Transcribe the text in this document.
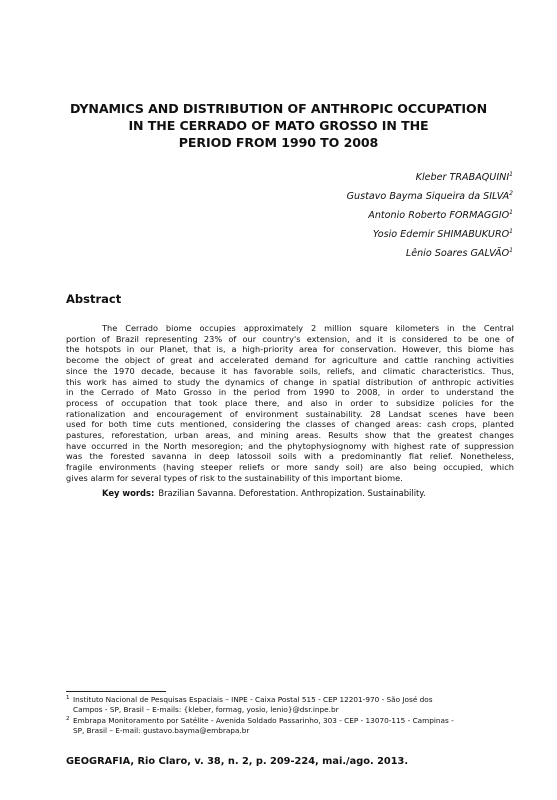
DYNAMICS AND DISTRIBUTION OF ANTHROPIC OCCUPATION
IN THE CERRADO OF MATO GROSSO IN THE
PERIOD FROM 1990 TO 2008
Kleber TRABAQUINI$^1$
Gustavo Bayma Siqueira da SILVA$^2$
Antonio Roberto FORMAGGIO$^1$
Yosio Edemir SHIMABUKURO$^1$
Lênio Soares GALVÃO$^1$
Abstract
The Cerrado biome occupies approximately 2 million square kilometers in the Central
portion of Brazil representing 23% of our country's extension, and it is considered to be one of
the hotspots in our Planet, that is, a high-priority area for conservation. However, this biome has
become the object of great and accelerated demand for agriculture and cattle ranching activities
since the 1970 decade, because it has favorable soils, reliefs, and climatic characteristics. Thus,
this work has aimed to study the dynamics of change in spatial distribution of anthropic activities
in the Cerrado of Mato Grosso in the period from 1990 to 2008, in order to understand the
process of occupation that took place there, and also in order to subsidize policies for the
rationalization and encouragement of environment sustainability. 28 Landsat scenes have been
used for both time cuts mentioned, considering the classes of changed areas: cash crops, planted
pastures, reforestation, urban areas, and mining areas. Results show that the greatest changes
have occurred in the North mesoregion; and the phytophysiognomy with highest rate of suppression
was the forested savanna in deep latossoil soils with a predominantly flat relief. Nonetheless,
fragile environments (having steeper reliefs or more sandy soil) are also being occupied, which
gives alarm for several types of risk to the sustainability of this important biome.
Key words: Brazilian Savanna. Deforestation. Anthropization. Sustainability.
1 Instituto Nacional de Pesquisas Espaciais – INPE - Caixa Postal 515 - CEP 12201-970 - São José dos
Campos - SP, Brasil – E-mails: {kleber, formag, yosio, lenio}@dsr.inpe.br
2 Embrapa Monitoramento por Satélite - Avenida Soldado Passarinho, 303 - CEP - 13070-115 - Campinas -
SP, Brasil – E-mail: gustavo.bayma@embrapa.br
GEOGRAFIA, Rio Claro, v. 38, n. 2, p. 209-224, mai./ago. 2013.
